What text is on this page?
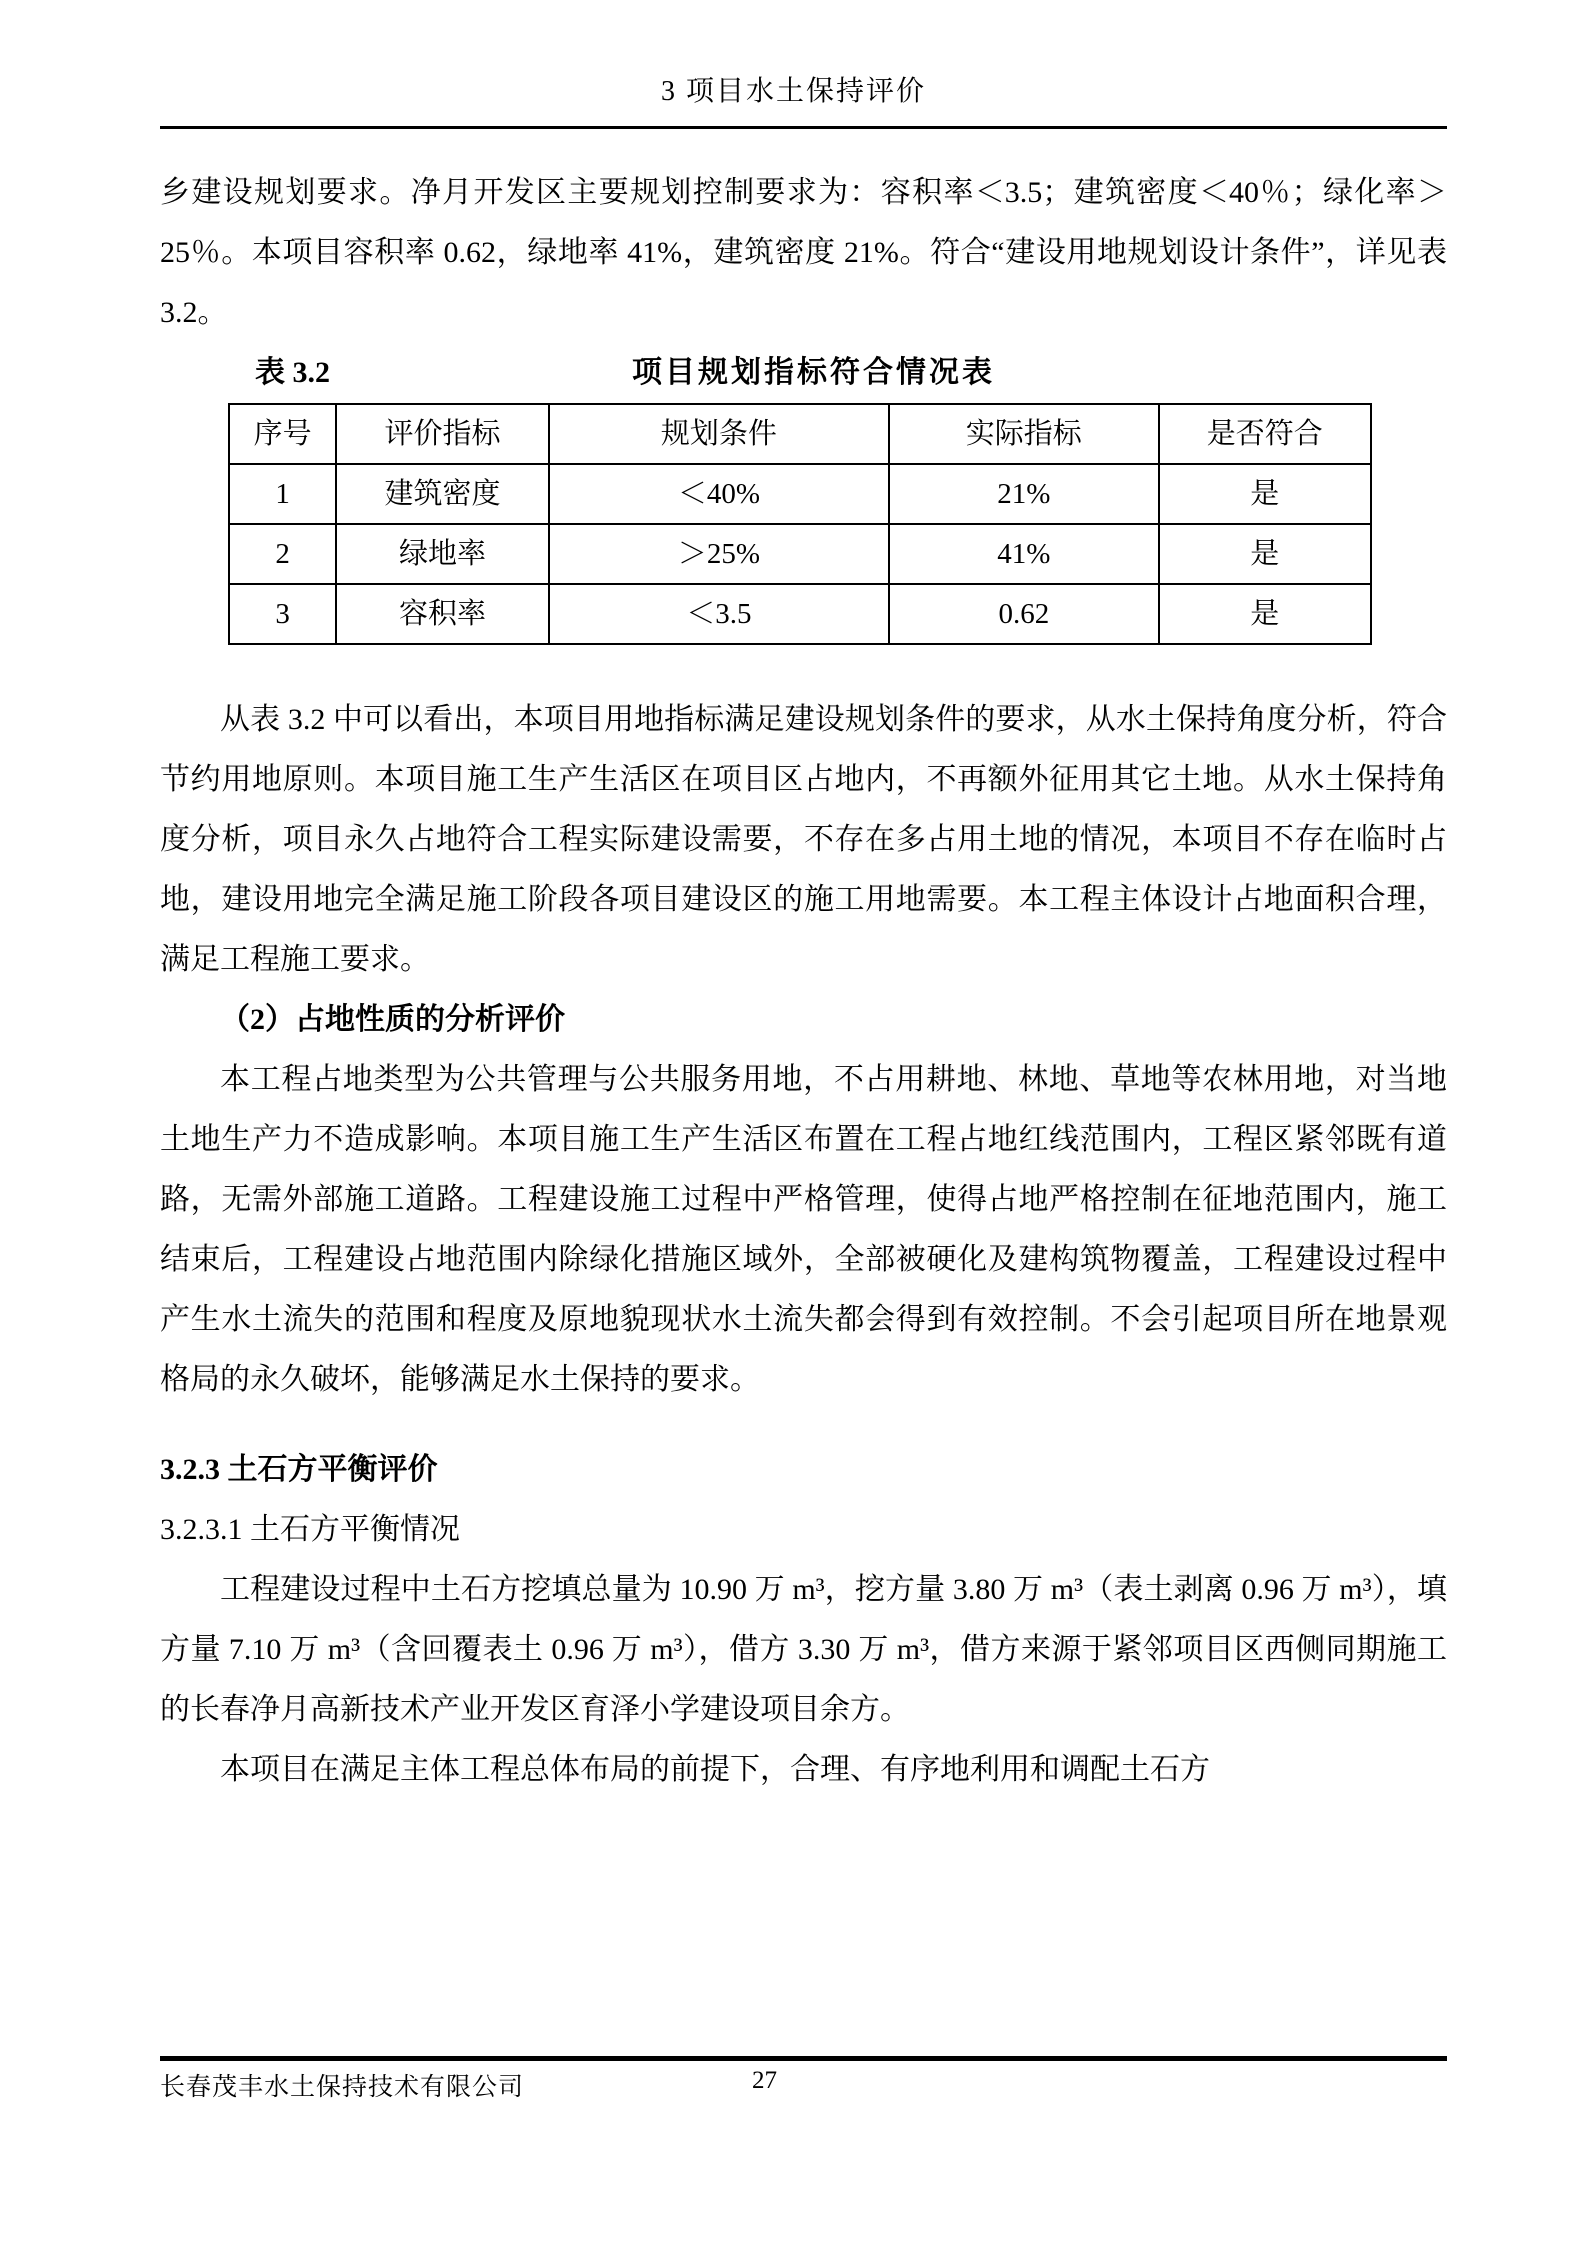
3 项目水土保持评价

乡建设规划要求。净月开发区主要规划控制要求为：容积率＜3.5；建筑密度＜40％；绿化率＞25％。本项目容积率 0.62，绿地率 41%，建筑密度 21%。符合“建设用地规划设计条件”，详见表 3.2。

表 3.2	项目规划指标符合情况表
序号	评价指标	规划条件	实际指标	是否符合
1	建筑密度	＜40%	21%	是
2	绿地率	＞25%	41%	是
3	容积率	＜3.5	0.62	是

从表 3.2 中可以看出，本项目用地指标满足建设规划条件的要求，从水土保持角度分析，符合节约用地原则。本项目施工生产生活区在项目区占地内，不再额外征用其它土地。从水土保持角度分析，项目永久占地符合工程实际建设需要，不存在多占用土地的情况，本项目不存在临时占地，建设用地完全满足施工阶段各项目建设区的施工用地需要。本工程主体设计占地面积合理，满足工程施工要求。

（2）占地性质的分析评价

本工程占地类型为公共管理与公共服务用地，不占用耕地、林地、草地等农林用地，对当地土地生产力不造成影响。本项目施工生产生活区布置在工程占地红线范围内，工程区紧邻既有道路，无需外部施工道路。工程建设施工过程中严格管理，使得占地严格控制在征地范围内，施工结束后，工程建设占地范围内除绿化措施区域外，全部被硬化及建构筑物覆盖，工程建设过程中产生水土流失的范围和程度及原地貌现状水土流失都会得到有效控制。不会引起项目所在地景观格局的永久破坏，能够满足水土保持的要求。

3.2.3 土石方平衡评价

3.2.3.1 土石方平衡情况

工程建设过程中土石方挖填总量为 10.90 万 m³，挖方量 3.80 万 m³（表土剥离 0.96 万 m³），填方量 7.10 万 m³（含回覆表土 0.96 万 m³），借方 3.30 万 m³，借方来源于紧邻项目区西侧同期施工的长春净月高新技术产业开发区育泽小学建设项目余方。

本项目在满足主体工程总体布局的前提下，合理、有序地利用和调配土石方

长春茂丰水土保持技术有限公司	27
